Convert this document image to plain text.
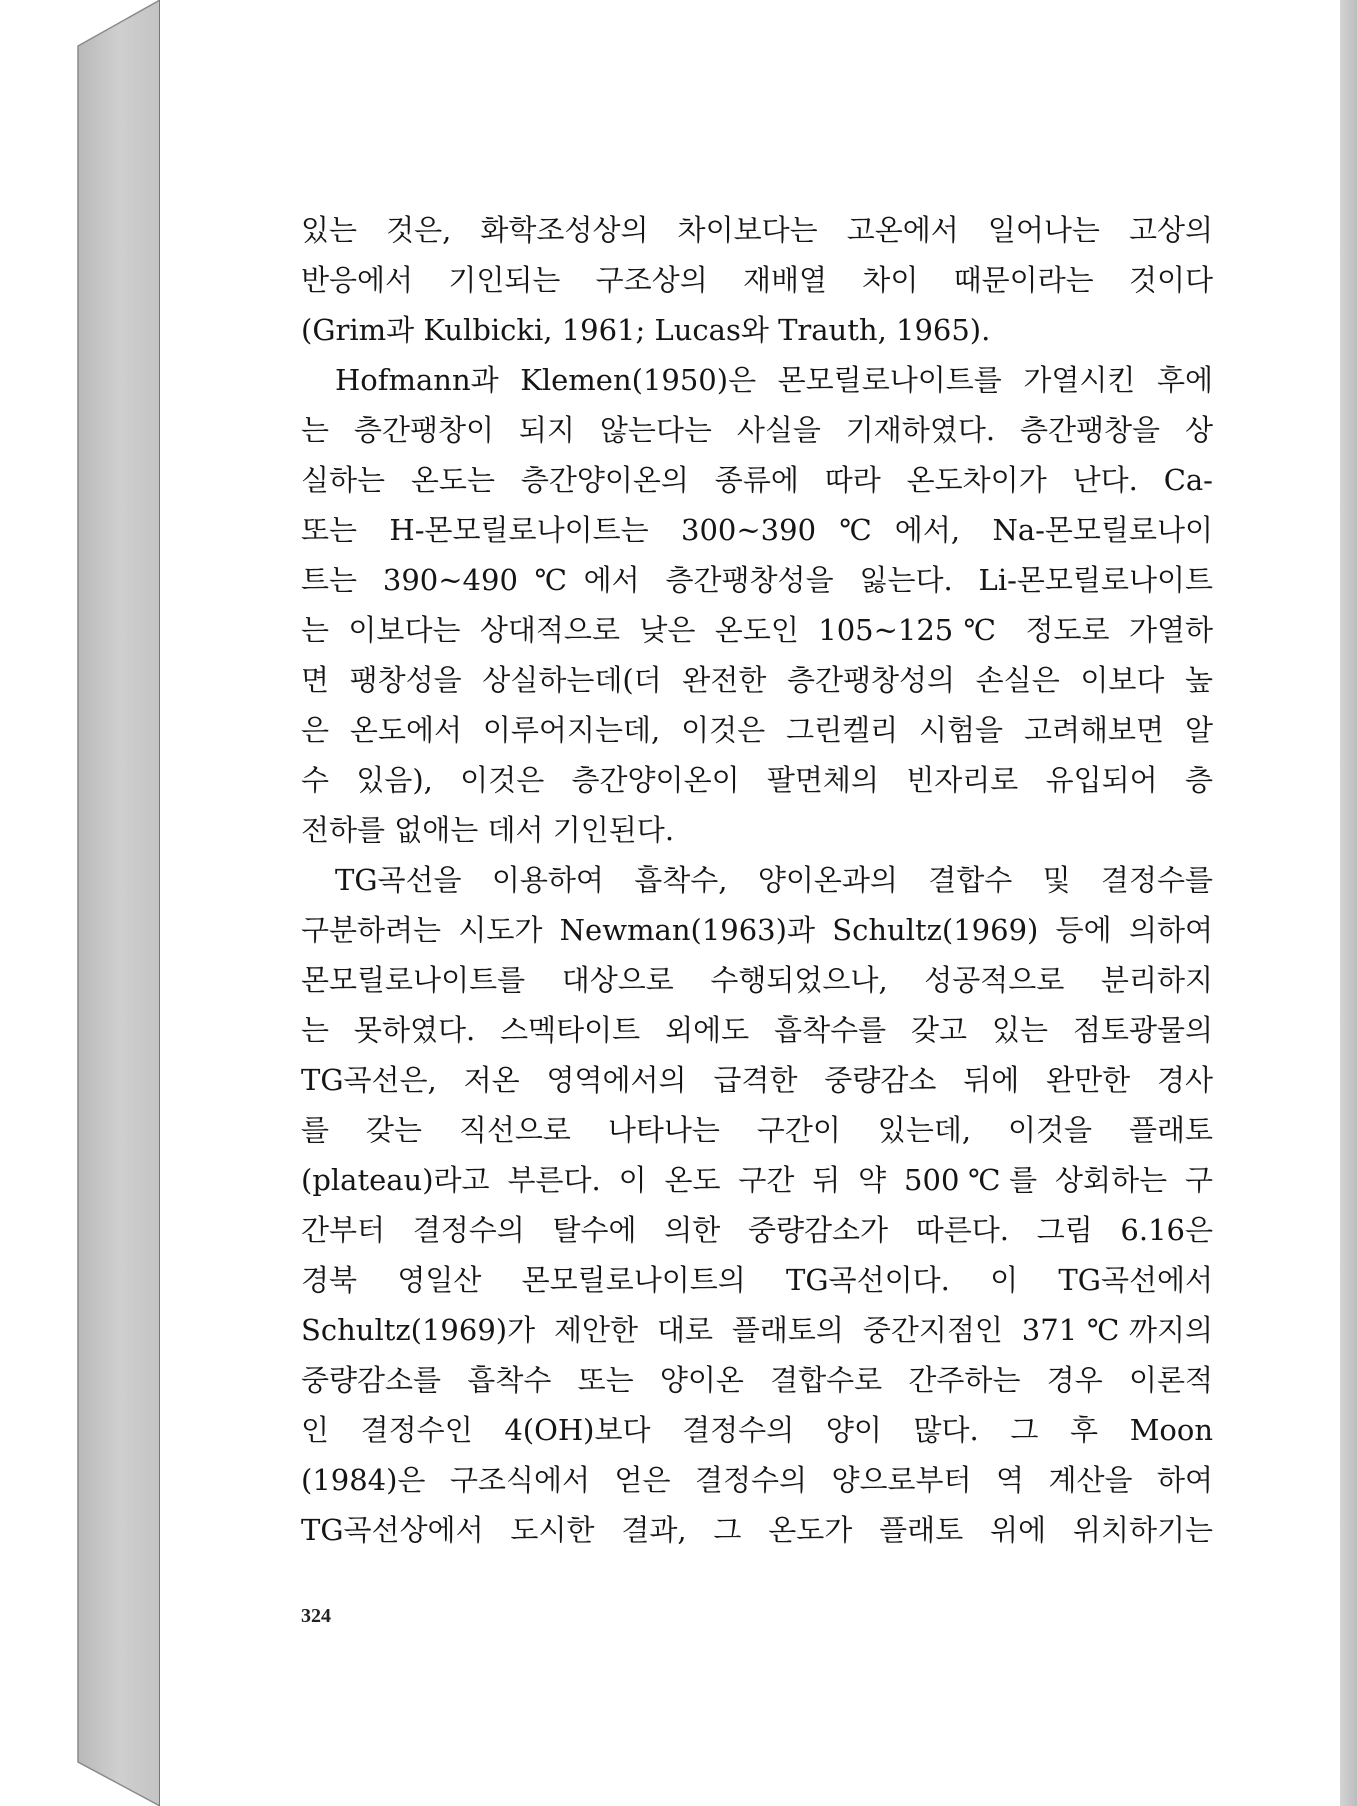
있는 것은, 화학조성상의 차이보다는 고온에서 일어나는 고상의
반응에서 기인되는 구조상의 재배열 차이 때문이라는 것이다
(Grim과 Kulbicki, 1961; Lucas와 Trauth, 1965).
Hofmann과 Klemen(1950)은 몬모릴로나이트를 가열시킨 후에
는 층간팽창이 되지 않는다는 사실을 기재하였다. 층간팽창을 상
실하는 온도는 층간양이온의 종류에 따라 온도차이가 난다. Ca-
또는 H-몬모릴로나이트는 300~390℃에서, Na-몬모릴로나이
트는 390~490℃에서 층간팽창성을 잃는다. Li-몬모릴로나이트
는 이보다는 상대적으로 낮은 온도인 105~125℃ 정도로 가열하
면 팽창성을 상실하는데(더 완전한 층간팽창성의 손실은 이보다 높
은 온도에서 이루어지는데, 이것은 그린켈리 시험을 고려해보면 알
수 있음), 이것은 층간양이온이 팔면체의 빈자리로 유입되어 층
전하를 없애는 데서 기인된다.
TG곡선을 이용하여 흡착수, 양이온과의 결합수 및 결정수를
구분하려는 시도가 Newman(1963)과 Schultz(1969) 등에 의하여
몬모릴로나이트를 대상으로 수행되었으나, 성공적으로 분리하지
는 못하였다. 스멕타이트 외에도 흡착수를 갖고 있는 점토광물의
TG곡선은, 저온 영역에서의 급격한 중량감소 뒤에 완만한 경사
를 갖는 직선으로 나타나는 구간이 있는데, 이것을 플래토
(plateau)라고 부른다. 이 온도 구간 뒤 약 500℃를 상회하는 구
간부터 결정수의 탈수에 의한 중량감소가 따른다. 그림 6.16은
경북 영일산 몬모릴로나이트의 TG곡선이다. 이 TG곡선에서
Schultz(1969)가 제안한 대로 플래토의 중간지점인 371℃까지의
중량감소를 흡착수 또는 양이온 결합수로 간주하는 경우 이론적
인 결정수인 4(OH)보다 결정수의 양이 많다. 그 후 Moon
(1984)은 구조식에서 얻은 결정수의 양으로부터 역 계산을 하여
TG곡선상에서 도시한 결과, 그 온도가 플래토 위에 위치하기는
324
